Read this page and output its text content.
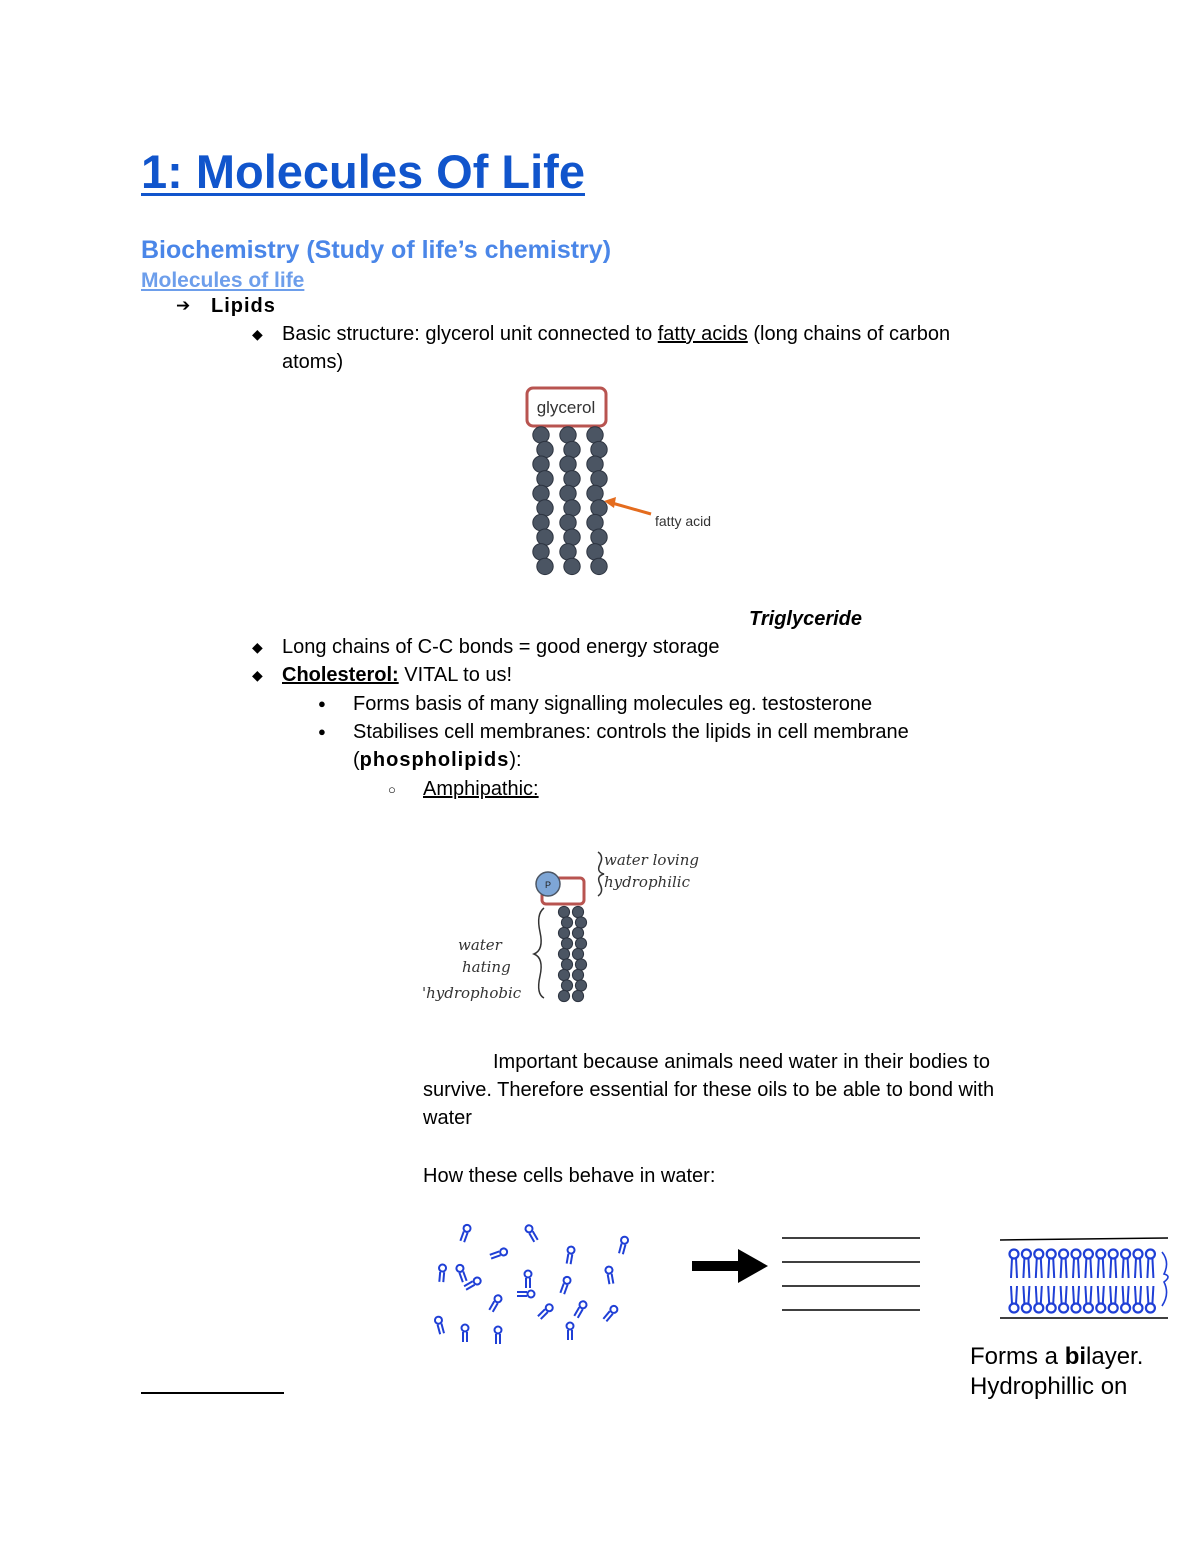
1: Molecules Of Life
Biochemistry (Study of life’s chemistry)
Molecules of life
➔ Lipids
◆ Basic structure: glycerol unit connected to fatty acids (long chains of carbon
atoms)
glycerol
fatty acid
Triglyceride
◆ Long chains of C-C bonds = good energy storage
◆ Cholesterol: VITAL to us!
● Forms basis of many signalling molecules eg. testosterone
● Stabilises cell membranes: controls the lipids in cell membrane
(phospholipids):
○ Amphipathic:
P
water loving
hydrophilic
water
hating
'hydrophobic
Important because animals need water in their bodies to
survive. Therefore essential for these oils to be able to bond with
water
How these cells behave in water:
Forms a bilayer.
Hydrophillic on
